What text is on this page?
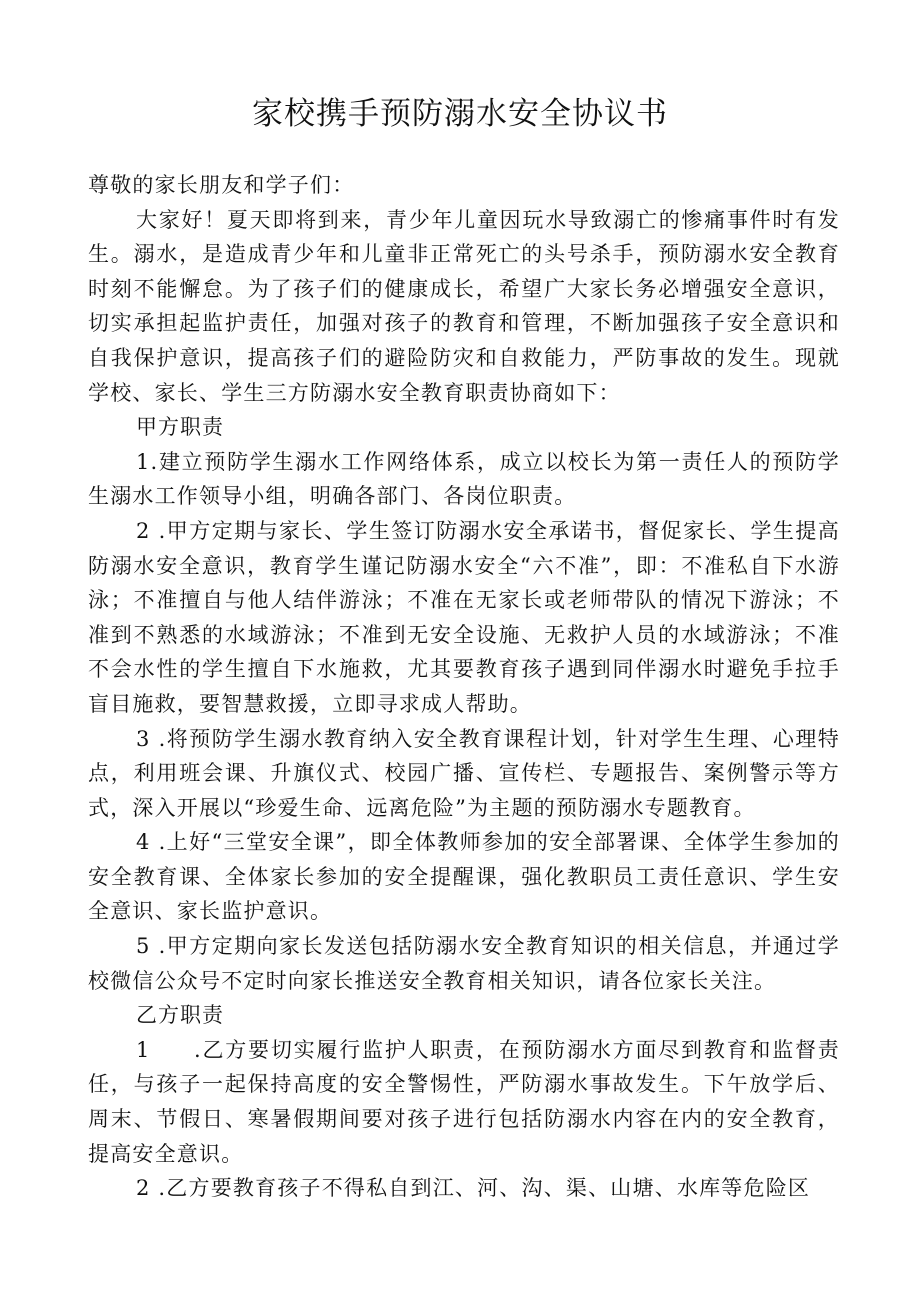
家校携手预防溺水安全协议书

尊敬的家长朋友和学子们：

大家好！夏天即将到来，青少年儿童因玩水导致溺亡的惨痛事件时有发生。溺水，是造成青少年和儿童非正常死亡的头号杀手，预防溺水安全教育时刻不能懈怠。为了孩子们的健康成长，希望广大家长务必增强安全意识，切实承担起监护责任，加强对孩子的教育和管理，不断加强孩子安全意识和自我保护意识，提高孩子们的避险防灾和自救能力，严防事故的发生。现就学校、家长、学生三方防溺水安全教育职责协商如下：

甲方职责

1.建立预防学生溺水工作网络体系，成立以校长为第一责任人的预防学生溺水工作领导小组，明确各部门、各岗位职责。

2 .甲方定期与家长、学生签订防溺水安全承诺书，督促家长、学生提高防溺水安全意识，教育学生谨记防溺水安全“六不准”，即：不准私自下水游泳；不准擅自与他人结伴游泳；不准在无家长或老师带队的情况下游泳；不准到不熟悉的水域游泳；不准到无安全设施、无救护人员的水域游泳；不准不会水性的学生擅自下水施救，尤其要教育孩子遇到同伴溺水时避免手拉手盲目施救，要智慧救援，立即寻求成人帮助。

3 .将预防学生溺水教育纳入安全教育课程计划，针对学生生理、心理特点，利用班会课、升旗仪式、校园广播、宣传栏、专题报告、案例警示等方式，深入开展以“珍爱生命、远离危险”为主题的预防溺水专题教育。

4 .上好“三堂安全课”，即全体教师参加的安全部署课、全体学生参加的安全教育课、全体家长参加的安全提醒课，强化教职员工责任意识、学生安全意识、家长监护意识。

5 .甲方定期向家长发送包括防溺水安全教育知识的相关信息，并通过学校微信公众号不定时向家长推送安全教育相关知识，请各位家长关注。

乙方职责

1 .乙方要切实履行监护人职责，在预防溺水方面尽到教育和监督责任，与孩子一起保持高度的安全警惕性，严防溺水事故发生。下午放学后、周末、节假日、寒暑假期间要对孩子进行包括防溺水内容在内的安全教育，提高安全意识。

2 .乙方要教育孩子不得私自到江、河、沟、渠、山塘、水库等危险区
